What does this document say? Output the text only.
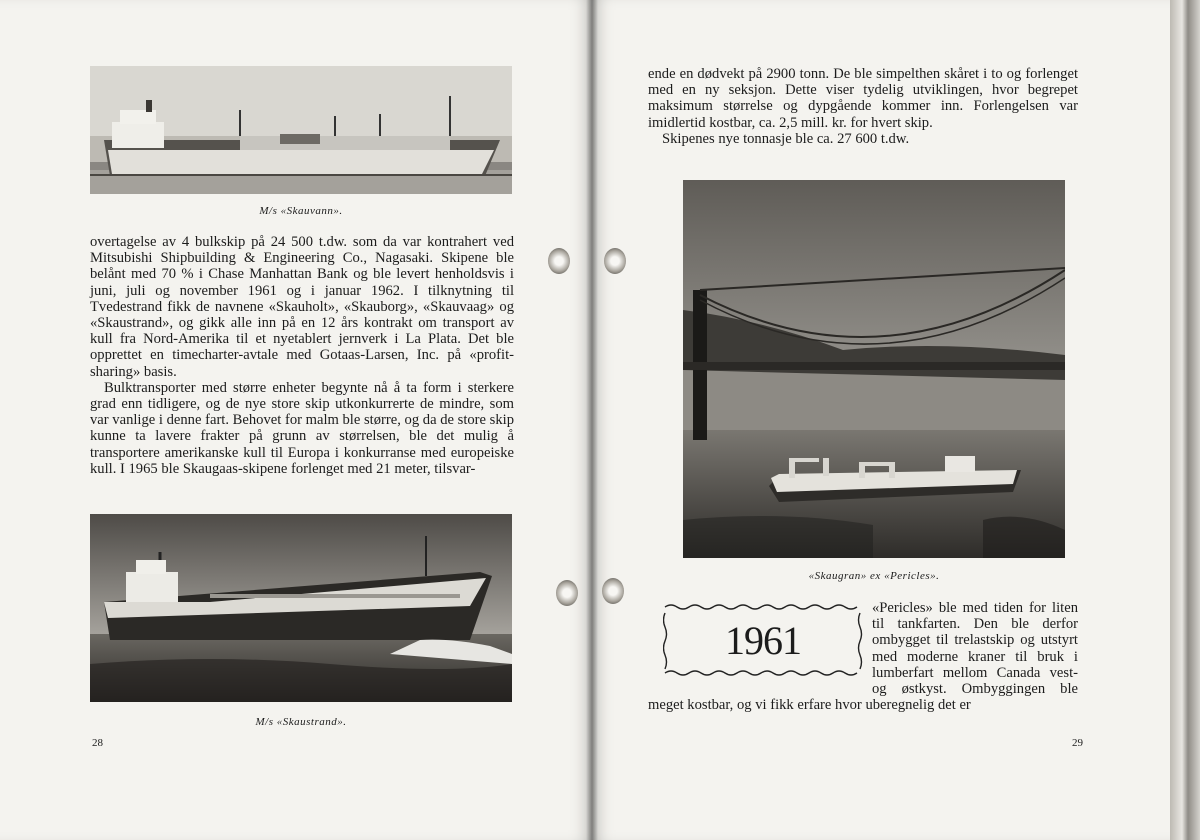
M/s «Skauvann».

overtagelse av 4 bulkskip på 24 500 t.dw. som da var kontrahert ved Mitsubishi Shipbuilding & Engineering Co., Nagasaki. Skipene ble belånt med 70 % i Chase Manhattan Bank og ble levert henholdsvis i juni, juli og november 1961 og i januar 1962. I tilknytning til Tvedestrand fikk de navnene «Skauholt», «Skauborg», «Skauvaag» og «Skaustrand», og gikk alle inn på en 12 års kontrakt om transport av kull fra Nord-Amerika til et nyetablert jernverk i La Plata. Det ble opprettet en timecharter-avtale med Gotaas-Larsen, Inc. på «profit-sharing» basis.

Bulktransporter med større enheter begynte nå å ta form i sterkere grad enn tidligere, og de nye store skip utkonkurrerte de mindre, som var vanlige i denne fart. Behovet for malm ble større, og da de store skip kunne ta lavere frakter på grunn av størrelsen, ble det mulig å transportere amerikanske kull til Europa i konkurranse med europeiske kull. I 1965 ble Skaugaas-skipene forlenget med 21 meter, tilsvar-

M/s «Skaustrand».
28

ende en dødvekt på 2900 tonn. De ble simpelthen skåret i to og forlenget med en ny seksjon. Dette viser tydelig utviklingen, hvor begrepet maksimum størrelse og dypgående kommer inn. Forlengelsen var imidlertid kostbar, ca. 2,5 mill. kr. for hvert skip.

Skipenes nye tonnasje ble ca. 27 600 t.dw.

«Skaugran» ex «Pericles».
1961

«Pericles» ble med tiden for liten til tankfarten. Den ble derfor ombygget til trelastskip og utstyrt med moderne kraner til bruk i lumberfart mellom Canada vest- og østkyst. Ombyggingen ble meget kostbar, og vi fikk erfare hvor uberegnelig det er

29
